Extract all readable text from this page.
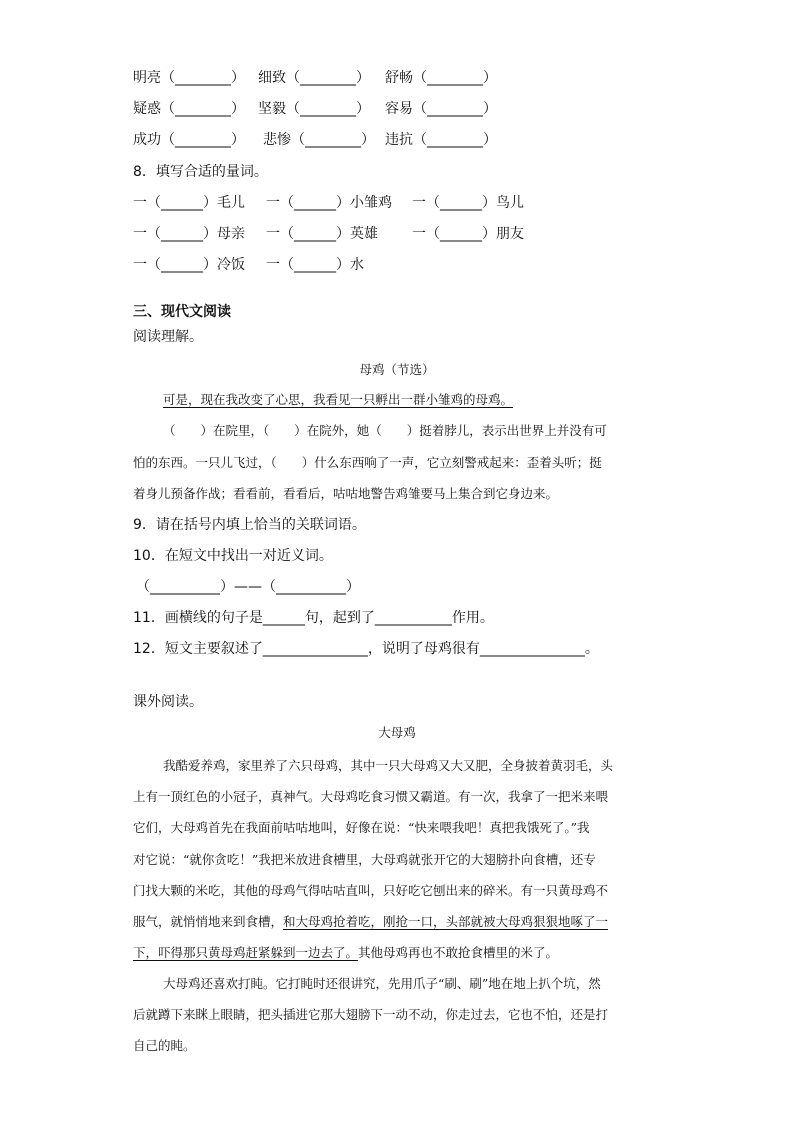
明亮（________） 细致（________） 舒畅（________）
疑惑（________） 坚毅（________） 容易（________）
成功（________） 悲惨（________） 违抗（________）
8．填写合适的量词。
一（______）毛儿 一（______）小雏鸡 一（______）鸟儿
一（______）母亲 一（______）英雄 一（______）朋友
一（______）冷饭 一（______）水
三、现代文阅读
阅读理解。
母鸡（节选）
可是，现在我改变了心思，我看见一只孵出一群小雏鸡的母鸡。
（　　）在院里，（　　）在院外，她（　　）挺着脖儿，表示出世界上并没有可
怕的东西。一只儿飞过，（　　）什么东西响了一声，它立刻警戒起来：歪着头听；挺
着身儿预备作战；看看前，看看后，咕咕地警告鸡雏要马上集合到它身边来。
9．请在括号内填上恰当的关联词语。
10．在短文中找出一对近义词。
（__________）——（__________）
11．画横线的句子是______句，起到了___________作用。
12．短文主要叙述了_______________，说明了母鸡很有_______________。
课外阅读。
大母鸡
我酷爱养鸡，家里养了六只母鸡，其中一只大母鸡又大又肥，全身披着黄羽毛，头
上有一顶红色的小冠子，真神气。大母鸡吃食习惯又霸道。有一次，我拿了一把米来喂
它们，大母鸡首先在我面前咕咕地叫，好像在说：“快来喂我吧！真把我饿死了。”我
对它说：“就你贪吃！”我把米放进食槽里，大母鸡就张开它的大翅膀扑向食槽，还专
门找大颗的米吃，其他的母鸡气得咕咕直叫，只好吃它刨出来的碎米。有一只黄母鸡不
服气，就悄悄地来到食槽，和大母鸡抢着吃，刚抢一口，头部就被大母鸡狠狠地啄了一
下，吓得那只黄母鸡赶紧躲到一边去了。其他母鸡再也不敢抢食槽里的米了。
大母鸡还喜欢打盹。它打盹时还很讲究，先用爪子“刷、刷”地在地上扒个坑，然
后就蹲下来眯上眼睛，把头插进它那大翅膀下一动不动，你走过去，它也不怕，还是打
自己的盹。
